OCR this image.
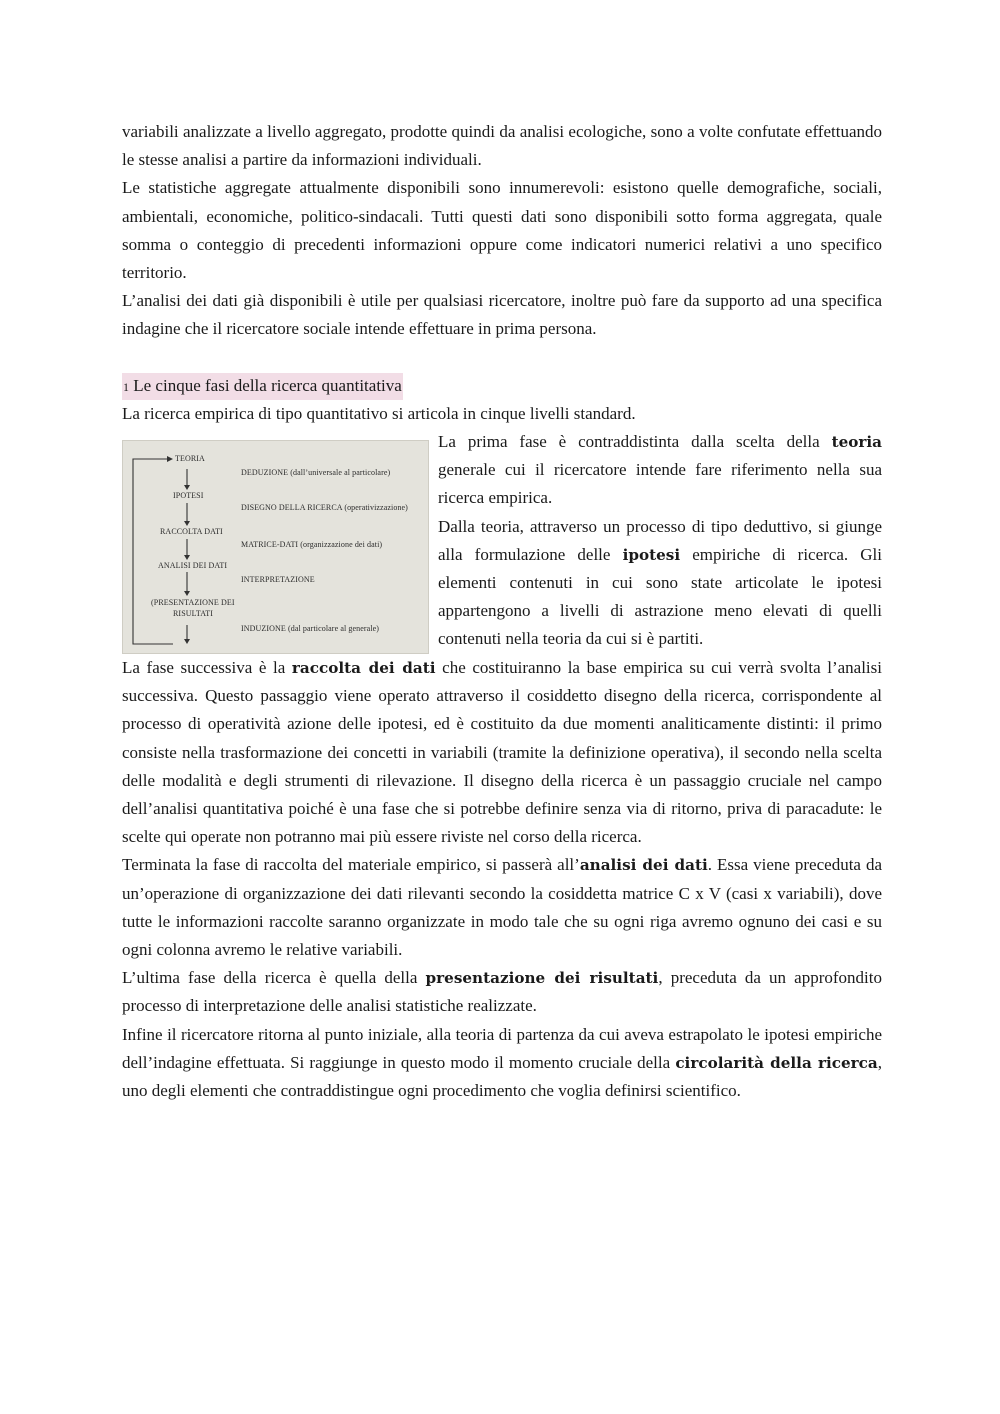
variabili analizzate a livello aggregato, prodotte quindi da analisi ecologiche, sono a volte confutate effettuando le stesse analisi a partire da informazioni individuali.

Le statistiche aggregate attualmente disponibili sono innumerevoli: esistono quelle demografiche, sociali, ambientali, economiche, politico-sindacali. Tutti questi dati sono disponibili sotto forma aggregata, quale somma o conteggio di precedenti informazioni oppure come indicatori numerici relativi a uno specifico territorio.

L’analisi dei dati già disponibili è utile per qualsiasi ricercatore, inoltre può fare da supporto ad una specifica indagine che il ricercatore sociale intende effettuare in prima persona.

1 Le cinque fasi della ricerca quantitativa

La ricerca empirica di tipo quantitativo si articola in cinque livelli standard.

TEORIA
IPOTESI
RACCOLTA DATI
ANALISI DEI DATI
(PRESENTAZIONE DEI
RISULTATI
DEDUZIONE (dall’universale al particolare)
DISEGNO DELLA RICERCA (operativizzazione)
MATRICE-DATI (organizzazione dei dati)
INTERPRETAZIONE
INDUZIONE (dal particolare al generale)

La prima fase è contraddistinta dalla scelta della teoria generale cui il ricercatore intende fare riferimento nella sua ricerca empirica.

Dalla teoria, attraverso un processo di tipo deduttivo, si giunge alla formulazione delle ipotesi empiriche di ricerca. Gli elementi contenuti in cui sono state articolate le ipotesi appartengono a livelli di astrazione meno elevati di quelli contenuti nella teoria da cui si è partiti.

La fase successiva è la raccolta dei dati che costituiranno la base empirica su cui verrà svolta l’analisi successiva. Questo passaggio viene operato attraverso il cosiddetto disegno della ricerca, corrispondente al processo di operatività azione delle ipotesi, ed è costituito da due momenti analiticamente distinti: il primo consiste nella trasformazione dei concetti in variabili (tramite la definizione operativa), il secondo nella scelta delle modalità e degli strumenti di rilevazione. Il disegno della ricerca è un passaggio cruciale nel campo dell’analisi quantitativa poiché è una fase che si potrebbe definire senza via di ritorno, priva di paracadute: le scelte qui operate non potranno mai più essere riviste nel corso della ricerca.

Terminata la fase di raccolta del materiale empirico, si passerà all’analisi dei dati. Essa viene preceduta da un’operazione di organizzazione dei dati rilevanti secondo la cosiddetta matrice C x V (casi x variabili), dove tutte le informazioni raccolte saranno organizzate in modo tale che su ogni riga avremo ognuno dei casi e su ogni colonna avremo le relative variabili.

L’ultima fase della ricerca è quella della presentazione dei risultati, preceduta da un approfondito processo di interpretazione delle analisi statistiche realizzate.

Infine il ricercatore ritorna al punto iniziale, alla teoria di partenza da cui aveva estrapolato le ipotesi empiriche dell’indagine effettuata. Si raggiunge in questo modo il momento cruciale della circolarità della ricerca, uno degli elementi che contraddistingue ogni procedimento che voglia definirsi scientifico.
